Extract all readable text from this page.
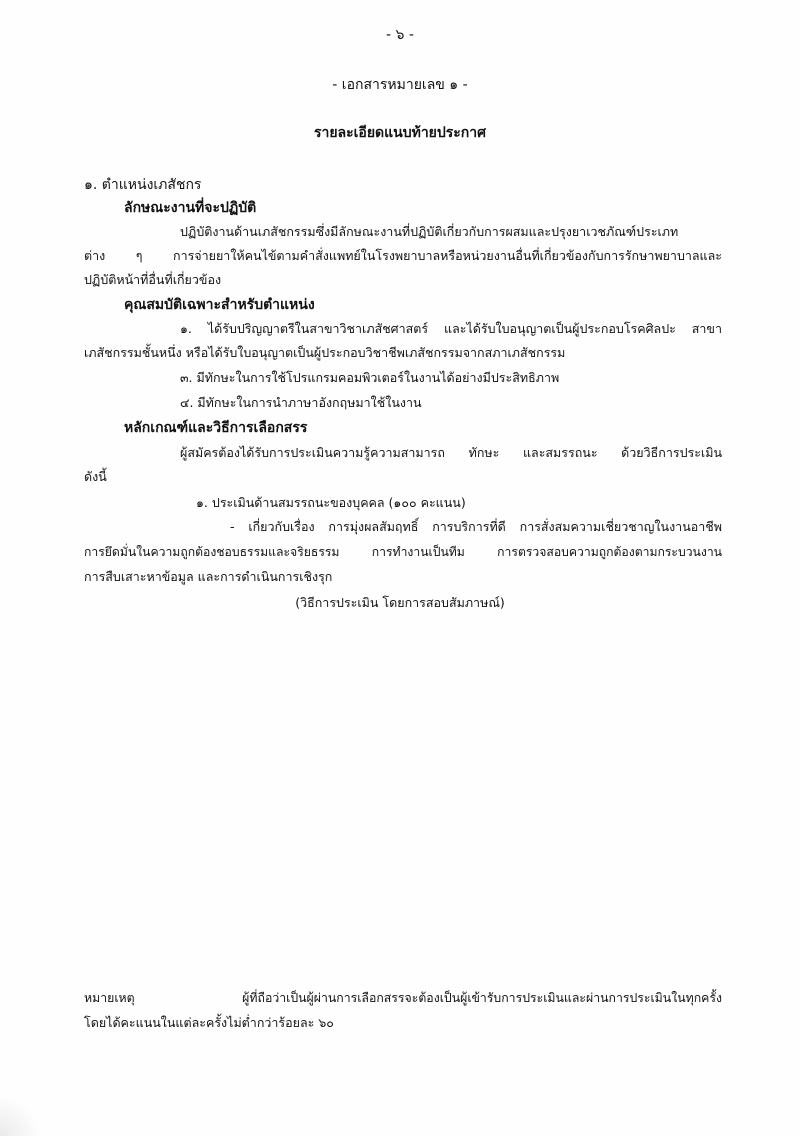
- ๖ -
- เอกสารหมายเลข ๑ -
รายละเอียดแนบท้ายประกาศ
๑. ตำแหน่งเภสัชกร
ลักษณะงานที่จะปฏิบัติ
ปฏิบัติงานด้านเภสัชกรรมซึ่งมีลักษณะงานที่ปฏิบัติเกี่ยวกับการผสมและปรุงยาเวชภัณฑ์ประเภท
ต่าง ๆ การจ่ายยาให้คนไข้ตามคำสั่งแพทย์ในโรงพยาบาลหรือหน่วยงานอื่นที่เกี่ยวข้องกับการรักษาพยาบาลและ
ปฏิบัติหน้าที่อื่นที่เกี่ยวข้อง
คุณสมบัติเฉพาะสำหรับตำแหน่ง
๑. ได้รับปริญญาตรีในสาขาวิชาเภสัชศาสตร์ และได้รับใบอนุญาตเป็นผู้ประกอบโรคศิลปะ สาขา
เภสัชกรรมชั้นหนึ่ง หรือได้รับใบอนุญาตเป็นผู้ประกอบวิชาชีพเภสัชกรรมจากสภาเภสัชกรรม
๓. มีทักษะในการใช้โปรแกรมคอมพิวเตอร์ในงานได้อย่างมีประสิทธิภาพ
๔. มีทักษะในการนำภาษาอังกฤษมาใช้ในงาน
หลักเกณฑ์และวิธีการเลือกสรร
ผู้สมัครต้องได้รับการประเมินความรู้ความสามารถ ทักษะ และสมรรถนะ ด้วยวิธีการประเมิน
ดังนี้
๑. ประเมินด้านสมรรถนะของบุคคล (๑๐๐ คะแนน)
- เกี่ยวกับเรื่อง การมุ่งผลสัมฤทธิ์ การบริการที่ดี การสั่งสมความเชี่ยวชาญในงานอาชีพ
การยึดมั่นในความถูกต้องชอบธรรมและจริยธรรม การทำงานเป็นทีม การตรวจสอบความถูกต้องตามกระบวนงาน
การสืบเสาะหาข้อมูล และการดำเนินการเชิงรุก
(วิธีการประเมิน โดยการสอบสัมภาษณ์)
หมายเหตุ ผู้ที่ถือว่าเป็นผู้ผ่านการเลือกสรรจะต้องเป็นผู้เข้ารับการประเมินและผ่านการประเมินในทุกครั้ง
โดยได้คะแนนในแต่ละครั้งไม่ต่ำกว่าร้อยละ ๖๐
